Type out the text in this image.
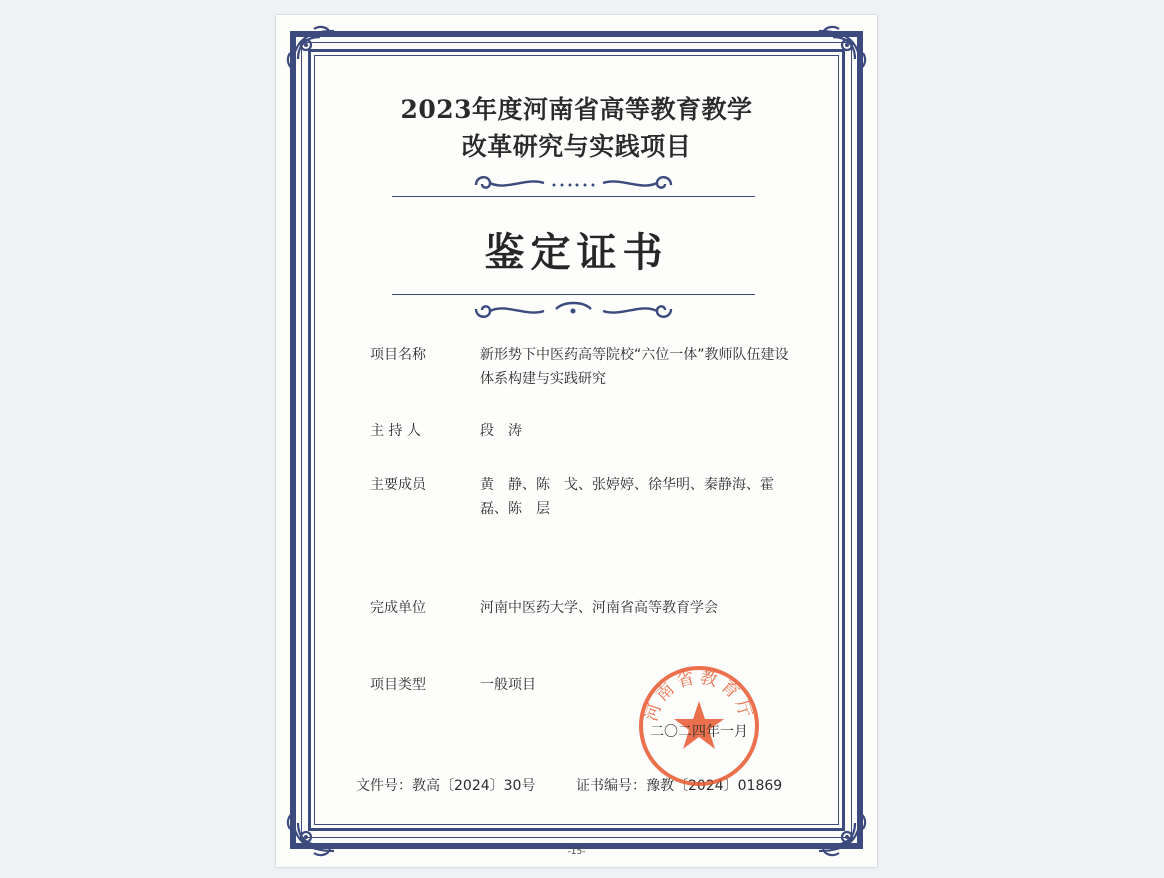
2023年度河南省高等教育教学
改革研究与实践项目
鉴定证书
项目名称	新形势下中医药高等院校“六位一体”教师队伍建设体系构建与实践研究
主 持 人	段　涛
主要成员	黄　静、陈　戈、张婷婷、徐华明、秦静海、霍　磊、陈　层
完成单位	河南中医药大学、河南省高等教育学会
项目类型	一般项目
河南省教育厅
二〇二四年一月
文件号：教高〔2024〕30号	证书编号：豫教〔2024〕01869
-15-
